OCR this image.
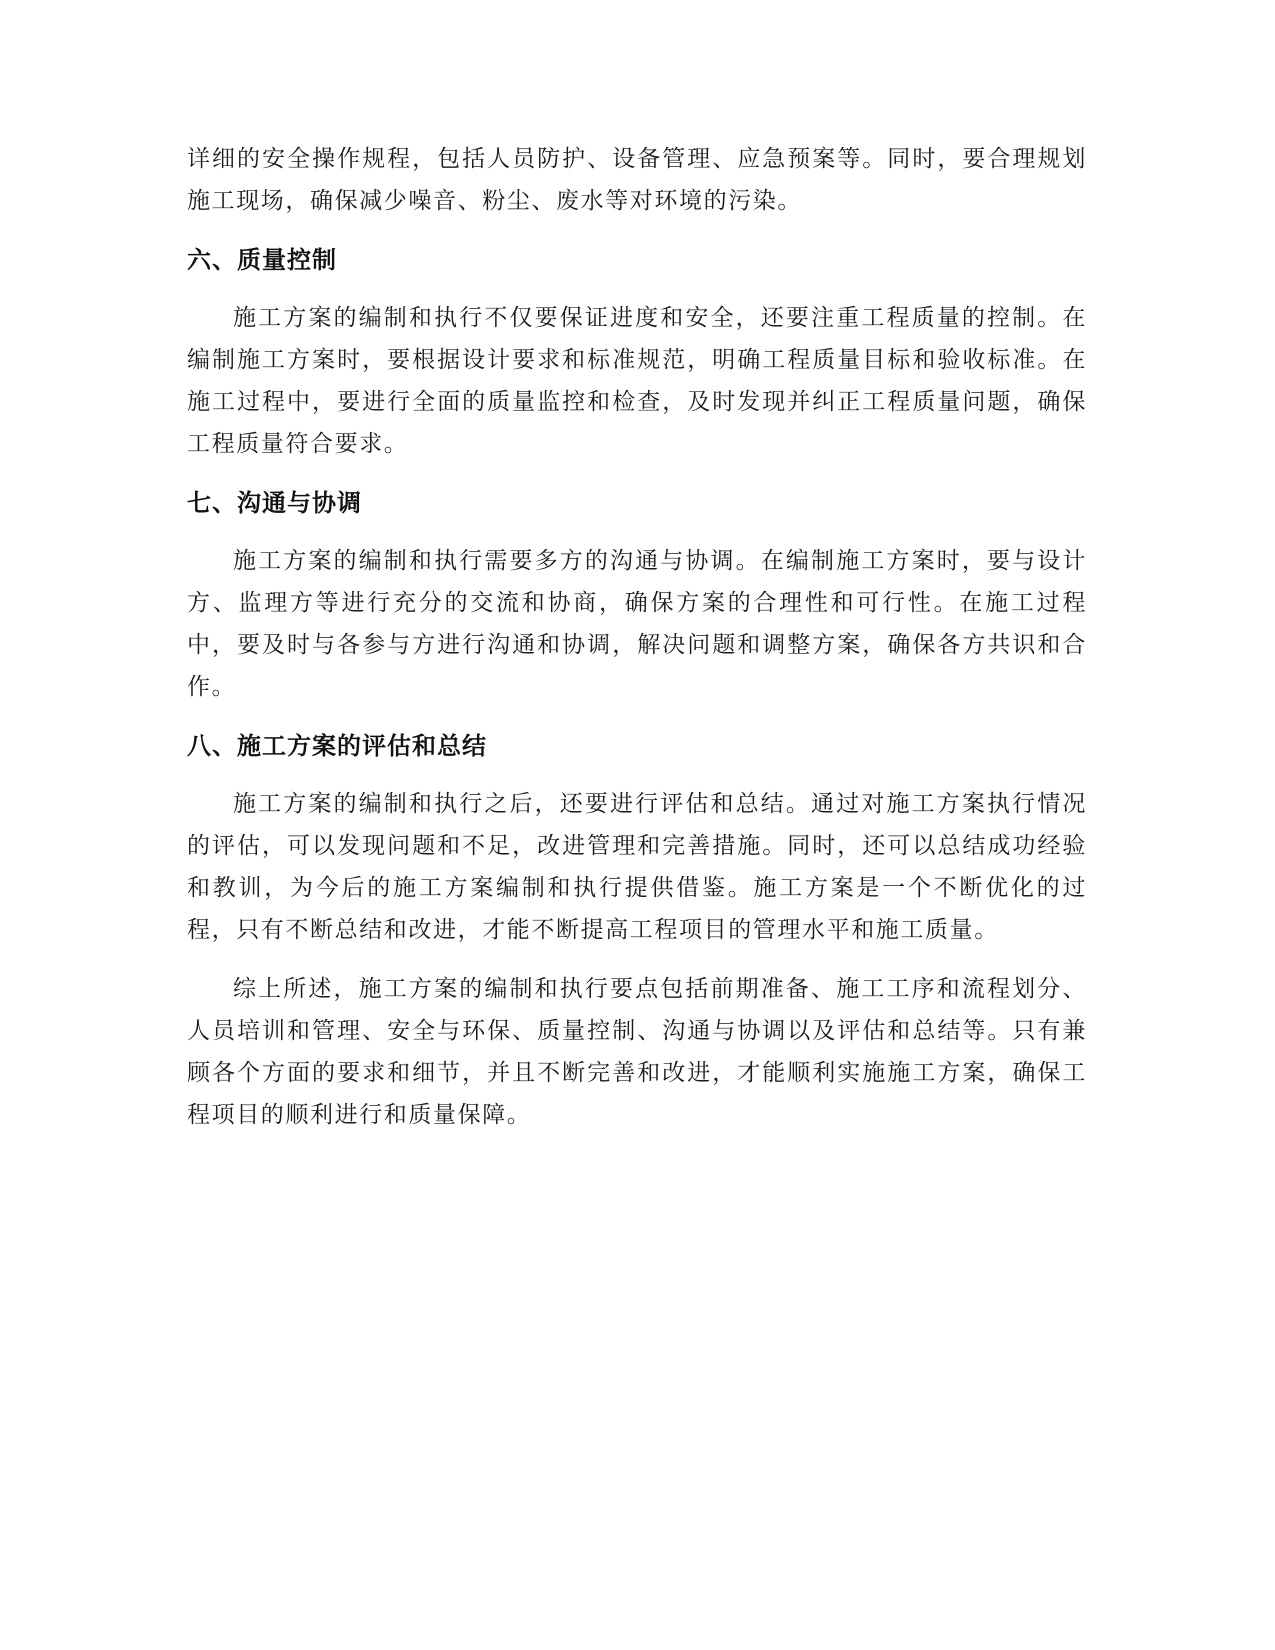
详细的安全操作规程，包括人员防护、设备管理、应急预案等。同时，要合理规划施工现场，确保减少噪音、粉尘、废水等对环境的污染。

六、质量控制

施工方案的编制和执行不仅要保证进度和安全，还要注重工程质量的控制。在编制施工方案时，要根据设计要求和标准规范，明确工程质量目标和验收标准。在施工过程中，要进行全面的质量监控和检查，及时发现并纠正工程质量问题，确保工程质量符合要求。

七、沟通与协调

施工方案的编制和执行需要多方的沟通与协调。在编制施工方案时，要与设计方、监理方等进行充分的交流和协商，确保方案的合理性和可行性。在施工过程中，要及时与各参与方进行沟通和协调，解决问题和调整方案，确保各方共识和合作。

八、施工方案的评估和总结

施工方案的编制和执行之后，还要进行评估和总结。通过对施工方案执行情况的评估，可以发现问题和不足，改进管理和完善措施。同时，还可以总结成功经验和教训，为今后的施工方案编制和执行提供借鉴。施工方案是一个不断优化的过程，只有不断总结和改进，才能不断提高工程项目的管理水平和施工质量。

综上所述，施工方案的编制和执行要点包括前期准备、施工工序和流程划分、人员培训和管理、安全与环保、质量控制、沟通与协调以及评估和总结等。只有兼顾各个方面的要求和细节，并且不断完善和改进，才能顺利实施施工方案，确保工程项目的顺利进行和质量保障。
